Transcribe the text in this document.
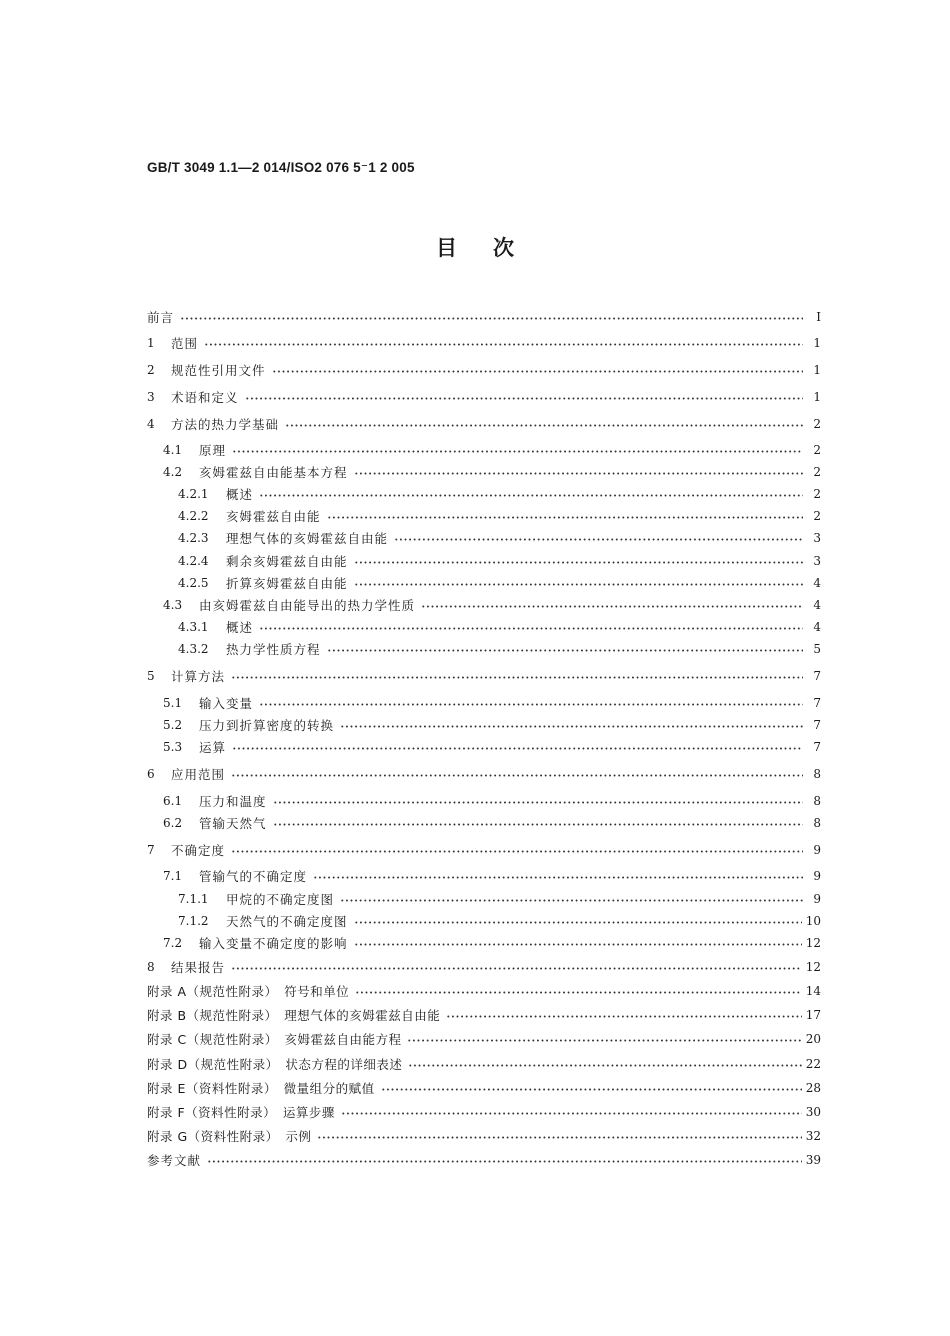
GB/T 3049 1.1—2 014/ISO2 076 5⁻1 2 005
目次
前言	I
1	范围	1
2	规范性引用文件	1
3	术语和定义	1
4	方法的热力学基础	2
4.1	原理	2
4.2	亥姆霍兹自由能基本方程	2
4.2.1	概述	2
4.2.2	亥姆霍兹自由能	2
4.2.3	理想气体的亥姆霍兹自由能	3
4.2.4	剩余亥姆霍兹自由能	3
4.2.5	折算亥姆霍兹自由能	4
4.3	由亥姆霍兹自由能导出的热力学性质	4
4.3.1	概述	4
4.3.2	热力学性质方程	5
5	计算方法	7
5.1	输入变量	7
5.2	压力到折算密度的转换	7
5.3	运算	7
6	应用范围	8
6.1	压力和温度	8
6.2	管输天然气	8
7	不确定度	9
7.1	管输气的不确定度	9
7.1.1	甲烷的不确定度图	9
7.1.2	天然气的不确定度图	10
7.2	输入变量不确定度的影响	12
8	结果报告	12
附录 A（规范性附录）　符号和单位	14
附录 B（规范性附录）　理想气体的亥姆霍兹自由能	17
附录 C（规范性附录）　亥姆霍兹自由能方程	20
附录 D（规范性附录）　状态方程的详细表述	22
附录 E（资料性附录）　微量组分的赋值	28
附录 F（资料性附录）　运算步骤	30
附录 G（资料性附录）　示例	32
参考文献	39
